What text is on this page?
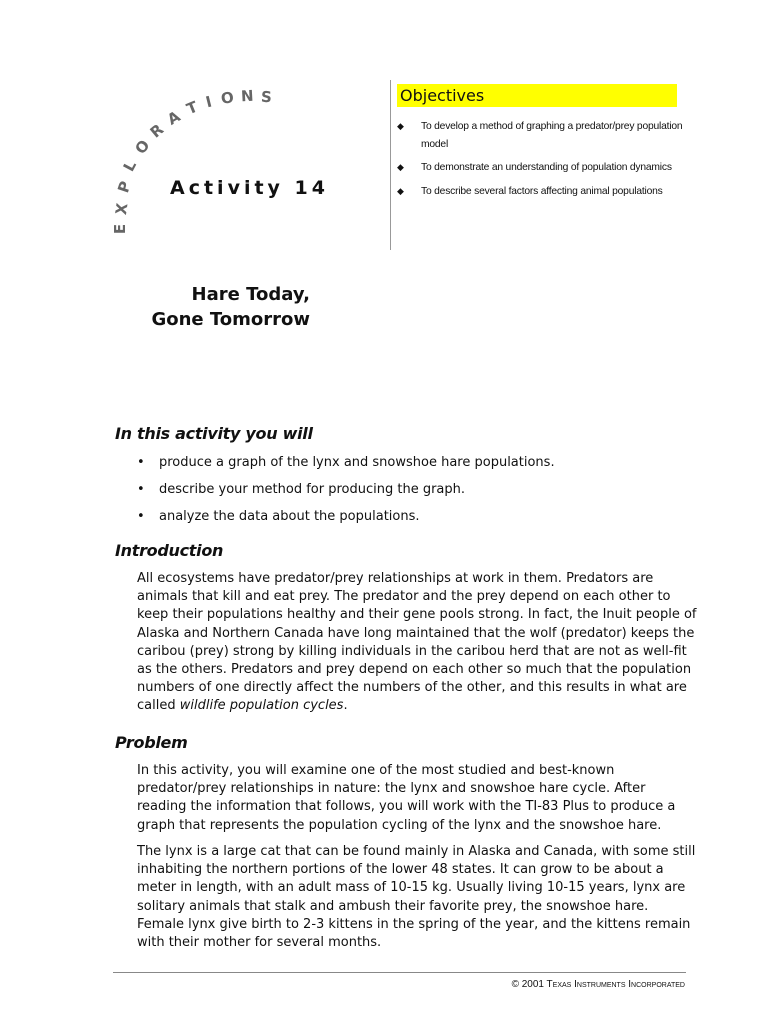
E
X
P
L
O
R
A T I O N S
Activity 14
Hare Today,
Gone Tomorrow
Objectives
◆ To develop a method of graphing a predator/prey population model
◆ To demonstrate an understanding of population dynamics
◆ To describe several factors affecting animal populations
In this activity you will
• produce a graph of the lynx and snowshoe hare populations.
• describe your method for producing the graph.
• analyze the data about the populations.
Introduction

All ecosystems have predator/prey relationships at work in them. Predators are animals that kill and eat prey. The predator and the prey depend on each other to keep their populations healthy and their gene pools strong. In fact, the Inuit people of Alaska and Northern Canada have long maintained that the wolf (predator) keeps the caribou (prey) strong by killing individuals in the caribou herd that are not as well-fit as the others. Predators and prey depend on each other so much that the population numbers of one directly affect the numbers of the other, and this results in what are called wildlife population cycles.

Problem

In this activity, you will examine one of the most studied and best-known predator/prey relationships in nature: the lynx and snowshoe hare cycle. After reading the information that follows, you will work with the TI-83 Plus to produce a graph that represents the population cycling of the lynx and the snowshoe hare.

The lynx is a large cat that can be found mainly in Alaska and Canada, with some still inhabiting the northern portions of the lower 48 states. It can grow to be about a meter in length, with an adult mass of 10-15 kg. Usually living 10-15 years, lynx are solitary animals that stalk and ambush their favorite prey, the snowshoe hare. Female lynx give birth to 2-3 kittens in the spring of the year, and the kittens remain with their mother for several months.

© 2001 Texas Instruments Incorporated
